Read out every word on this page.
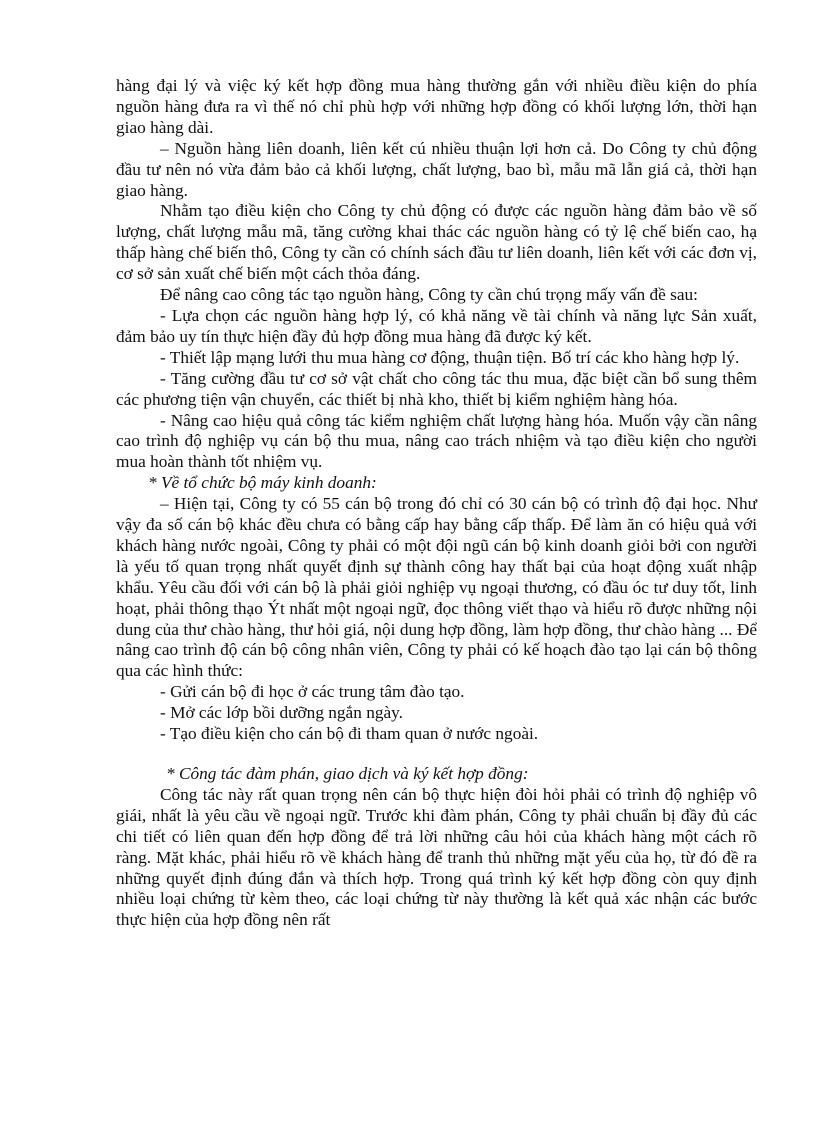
hàng đại lý và việc ký kết hợp đồng mua hàng thường gắn với nhiều điều kiện do phía nguồn hàng đưa ra vì thế nó chỉ phù hợp với những hợp đồng có khối lượng lớn, thời hạn giao hàng dài.

– Nguồn hàng liên doanh, liên kết cú nhiều thuận lợi hơn cả. Do Công ty chủ động đầu tư nên nó vừa đảm bảo cả khối lượng, chất lượng, bao bì, mẫu mã lẫn giá cả, thời hạn giao hàng.

Nhằm tạo điều kiện cho Công ty chủ động có được các nguồn hàng đảm bảo về số lượng, chất lượng mẫu mã, tăng cường khai thác các nguồn hàng có tỷ lệ chế biến cao, hạ thấp hàng chế biến thô, Công ty cần có chính sách đầu tư liên doanh, liên kết với các đơn vị, cơ sở sản xuất chế biến một cách thỏa đáng.

Để nâng cao công tác tạo nguồn hàng, Công ty cần chú trọng mấy vấn đề sau:

- Lựa chọn các nguồn hàng hợp lý, có khả năng về tài chính và năng lực Sản xuất, đảm bảo uy tín thực hiện đầy đủ hợp đồng mua hàng đã được ký kết.

- Thiết lập mạng lưới thu mua hàng cơ động, thuận tiện. Bố trí các kho hàng hợp lý.

- Tăng cường đầu tư cơ sở vật chất cho công tác thu mua, đặc biệt cần bổ sung thêm các phương tiện vận chuyển, các thiết bị nhà kho, thiết bị kiểm nghiệm hàng hóa.

- Nâng cao hiệu quả công tác kiểm nghiệm chất lượng hàng hóa. Muốn vậy cần nâng cao trình độ nghiệp vụ cán bộ thu mua, nâng cao trách nhiệm và tạo điều kiện cho người mua hoàn thành tốt nhiệm vụ.

* Về tổ chức bộ máy kinh doanh:

– Hiện tại, Công ty có 55 cán bộ trong đó chỉ có 30 cán bộ có trình độ đại học. Như vậy đa số cán bộ khác đều chưa có bằng cấp hay bằng cấp thấp. Để làm ăn có hiệu quả với khách hàng nước ngoài, Công ty phải có một đội ngũ cán bộ kinh doanh giỏi bởi con người là yếu tố quan trọng nhất quyết định sự thành công hay thất bại của hoạt động xuất nhập khẩu. Yêu cầu đối với cán bộ là phải giỏi nghiệp vụ ngoại thương, có đầu óc tư duy tốt, linh hoạt, phải thông thạo Ýt nhất một ngoại ngữ, đọc thông viết thạo và hiểu rõ được những nội dung của thư chào hàng, thư hỏi giá, nội dung hợp đồng, làm hợp đồng, thư chào hàng ... Để nâng cao trình độ cán bộ công nhân viên, Công ty phải có kế hoạch đào tạo lại cán bộ thông qua các hình thức:

- Gửi cán bộ đi học ở các trung tâm đào tạo.

- Mở các lớp bồi dưỡng ngắn ngày.

- Tạo điều kiện cho cán bộ đi tham quan ở nước ngoài.

* Công tác đàm phán, giao dịch và ký kết hợp đồng:

Công tác này rất quan trọng nên cán bộ thực hiện đòi hỏi phải có trình độ nghiệp vô giái, nhất là yêu cầu về ngoại ngữ. Trước khi đàm phán, Công ty phải chuẩn bị đầy đủ các chi tiết có liên quan đến hợp đồng để trả lời những câu hỏi của khách hàng một cách rõ ràng. Mặt khác, phải hiểu rõ về khách hàng để tranh thủ những mặt yếu của họ, từ đó đề ra những quyết định đúng đắn và thích hợp. Trong quá trình ký kết hợp đồng còn quy định nhiều loại chứng từ kèm theo, các loại chứng từ này thường là kết quả xác nhận các bước thực hiện của hợp đồng nên rất
